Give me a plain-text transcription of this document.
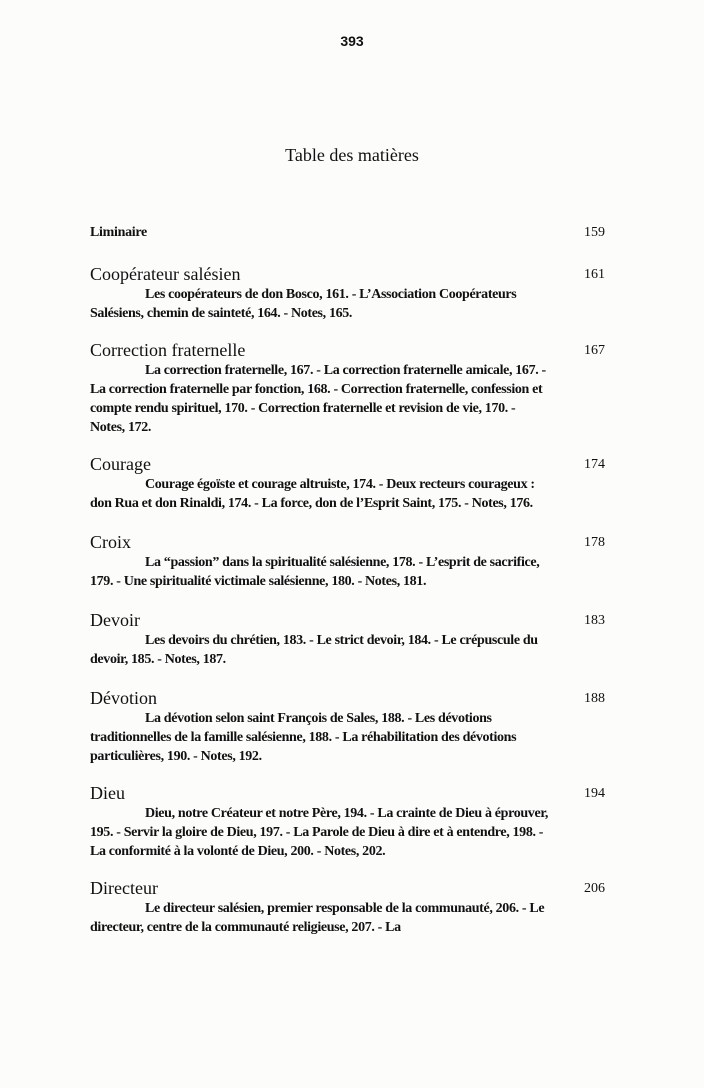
393
Table des matières
Liminaire	159
Coopérateur salésien	161

Les coopérateurs de don Bosco, 161. - L’Association Coopérateurs Salésiens, chemin de sainteté, 164. - Notes, 165.

Correction fraternelle	167

La correction fraternelle, 167. - La correction fraternelle amicale, 167. - La correction fraternelle par fonction, 168. - Correction fraternelle, confession et compte rendu spirituel, 170. - Correction fraternelle et revision de vie, 170. - Notes, 172.

Courage	174

Courage égoïste et courage altruiste, 174. - Deux recteurs courageux : don Rua et don Rinaldi, 174. - La force, don de l’Esprit Saint, 175. - Notes, 176.

Croix	178

La “passion” dans la spiritualité salésienne, 178. - L’esprit de sacrifice, 179. - Une spiritualité victimale salésienne, 180. - Notes, 181.

Devoir	183

Les devoirs du chrétien, 183. - Le strict devoir, 184. - Le crépuscule du devoir, 185. - Notes, 187.

Dévotion	188

La dévotion selon saint François de Sales, 188. - Les dévotions traditionnelles de la famille salésienne, 188. - La réhabilitation des dévotions particulières, 190. - Notes, 192.

Dieu	194

Dieu, notre Créateur et notre Père, 194. - La crainte de Dieu à éprouver, 195. - Servir la gloire de Dieu, 197. - La Parole de Dieu à dire et à entendre, 198. - La conformité à la volonté de Dieu, 200. - Notes, 202.

Directeur	206

Le directeur salésien, premier responsable de la communauté, 206. - Le directeur, centre de la communauté religieuse, 207. - La
